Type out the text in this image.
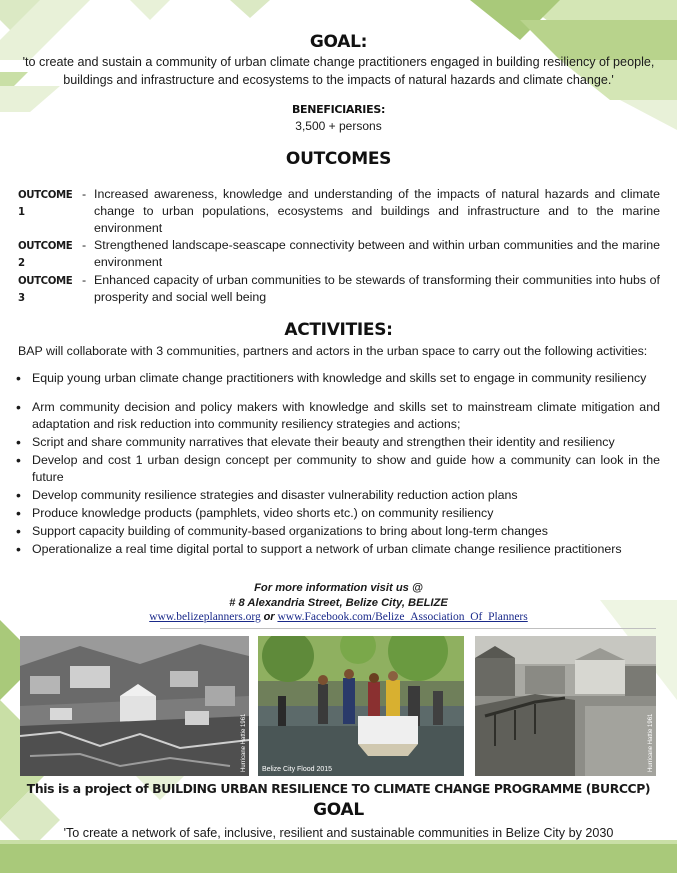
GOAL:
'to create and sustain a community of urban climate change practitioners engaged in building resiliency of people, buildings and infrastructure and ecosystems to the impacts of natural hazards and climate change.'
BENEFICIARIES:
3,500 + persons
OUTCOMES
OUTCOME 1
- Increased awareness, knowledge and understanding of the impacts of natural hazards and climate change to urban populations, ecosystems and buildings and infrastructure and to the marine environment
OUTCOME 2
- Strengthened landscape-seascape connectivity between and within urban communities and the marine environment
OUTCOME 3
- Enhanced capacity of urban communities to be stewards of transforming their communities into hubs of prosperity and social well being
ACTIVITIES:
BAP will collaborate with 3 communities, partners and actors in the urban space to carry out the following activities:
• Equip young urban climate change practitioners with knowledge and skills set to engage in community resiliency
• Arm community decision and policy makers with knowledge and skills set to mainstream climate mitigation and adaptation and risk reduction into community resiliency strategies and actions;
• Script and share community narratives that elevate their beauty and strengthen their identity and resiliency
• Develop and cost 1 urban design concept per community to show and guide how a community can look in the future
• Develop community resilience strategies and disaster vulnerability reduction action plans
• Produce knowledge products (pamphlets, video shorts etc.) on community resiliency
• Support capacity building of community-based organizations to bring about long-term changes
• Operationalize a real time digital portal to support a network of urban climate change resilience practitioners
For more information visit us @
# 8 Alexandria Street, Belize City, BELIZE
www.belizeplanners.org or www.Facebook.com/Belize_Association_Of_Planners
Hurricane Hattie 1961 Belize City Flood 2015	Hurricane Hattie 1961
This is a project of BUILDING URBAN RESILIENCE TO CLIMATE CHANGE PROGRAMME (BURCCP)
GOAL
'To create a network of safe, inclusive, resilient and sustainable communities in Belize City by 2030
